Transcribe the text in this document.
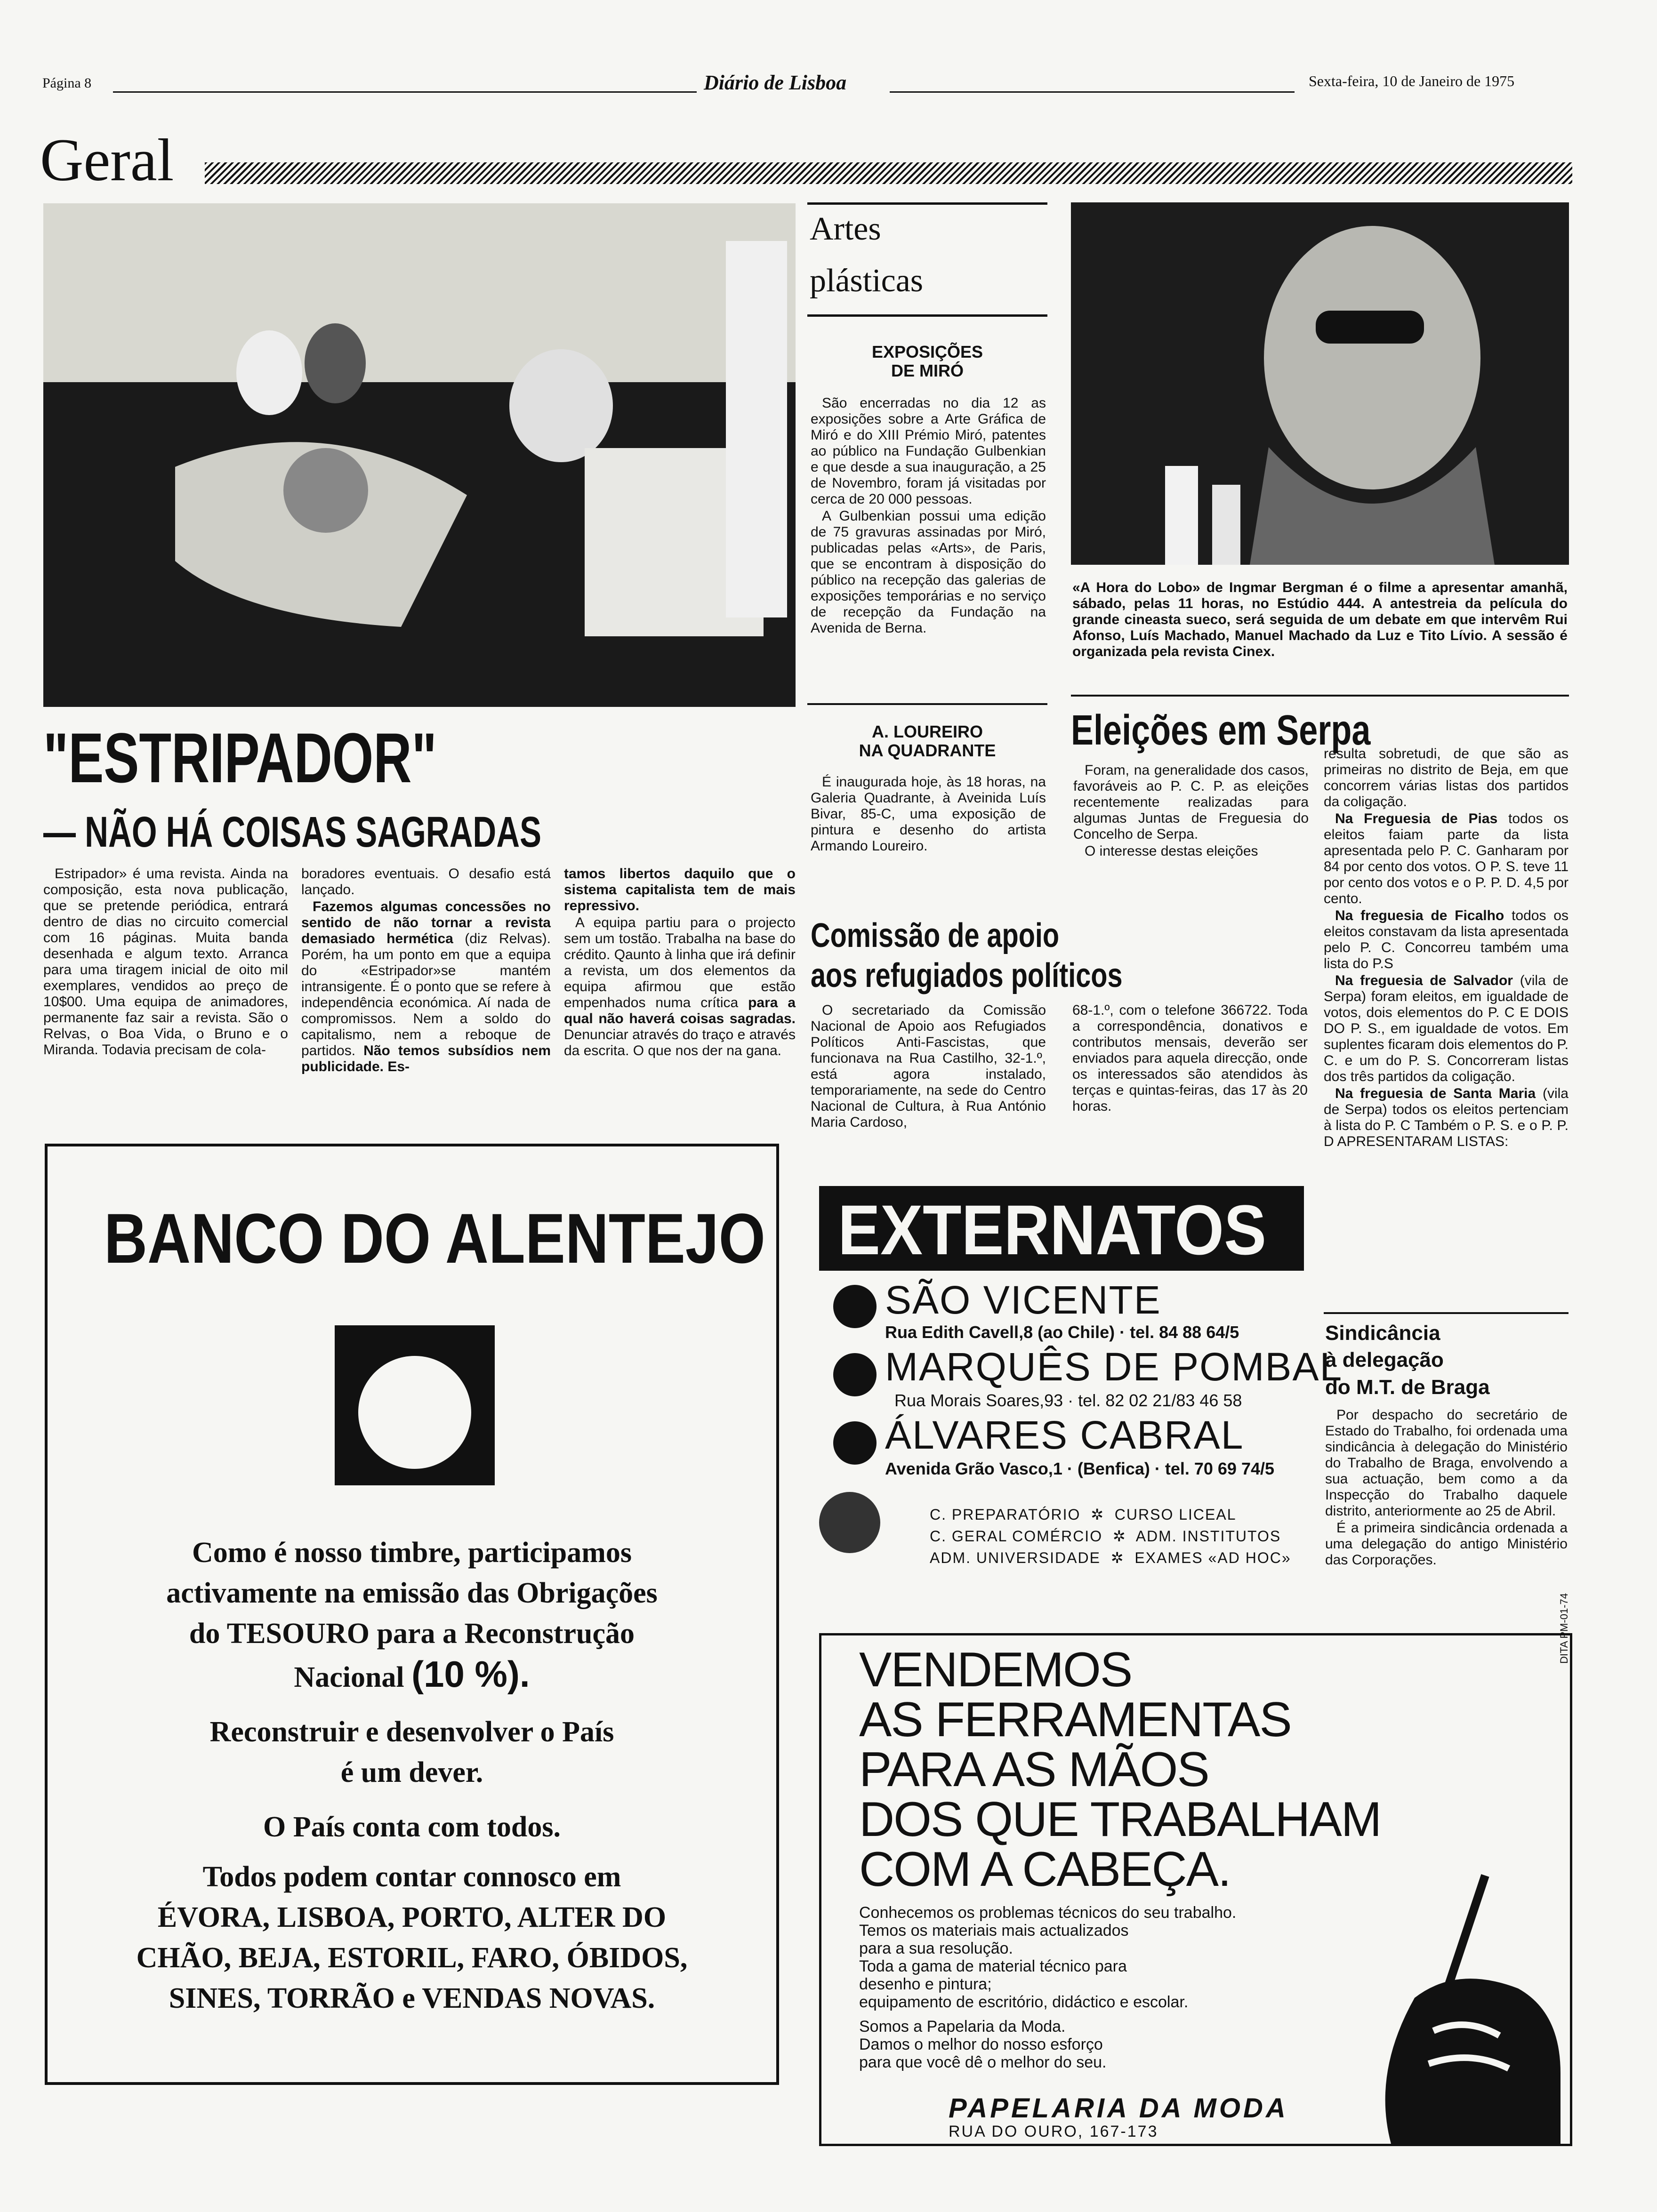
Página 8	Diário de Lisboa	Sexta-feira, 10 de Janeiro de 1975
Geral
"ESTRIPADOR"
— NÃO HÁ COISAS SAGRADAS

Estripador» é uma revista. Ainda na composição, esta nova publicação, que se pretende periódica, entrará dentro de dias no circuito comercial com 16 páginas. Muita banda desenhada e algum texto. Arranca para uma tiragem inicial de oito mil exemplares, vendidos ao preço de 10$00. Uma equipa de animadores, permanente faz sair a revista. São o Relvas, o Boa Vida, o Bruno e o Miranda. Todavia precisam de cola-

boradores eventuais. O desafio está lançado.

Fazemos algumas concessões no sentido de não tornar a revista demasiado hermética (diz Relvas). Porém, ha um ponto em que a equipa do «Estripador»se mantém intransigente. É o ponto que se refere à independência económica. Aí nada de compromissos. Nem a soldo do capitalismo, nem a reboque de partidos. Não temos subsídios nem publicidade. Es-

tamos libertos daquilo que o sistema capitalista tem de mais repressivo.

A equipa partiu para o projecto sem um tostão. Trabalha na base do crédito. Qaunto à linha que irá definir a revista, um dos elementos da equipa afirmou que estão empenhados numa crítica para a qual não haverá coisas sagradas. Denunciar através do traço e através da escrita. O que nos der na gana.

Artes
plásticas
EXPOSIÇÕES
DE MIRÓ

São encerradas no dia 12 as exposições sobre a Arte Gráfica de Miró e do XIII Prémio Miró, patentes ao público na Fundação Gulbenkian e que desde a sua inauguração, a 25 de Novembro, foram já visitadas por cerca de 20 000 pessoas.

A Gulbenkian possui uma edição de 75 gravuras assinadas por Miró, publicadas pelas «Arts», de Paris, que se encontram à disposição do público na recepção das galerias de exposições temporárias e no serviço de recepção da Fundação na Avenida de Berna.

A. LOUREIRO
NA QUADRANTE

É inaugurada hoje, às 18 horas, na Galeria Quadrante, à Aveinida Luís Bivar, 85-C, uma exposição de pintura e desenho do artista Armando Loureiro.

«A Hora do Lobo» de Ingmar Bergman é o filme a apresentar amanhã, sábado, pelas 11 horas, no Estúdio 444. A antestreia da película do grande cineasta sueco, será seguida de um debate em que intervêm Rui Afonso, Luís Machado, Manuel Machado da Luz e Tito Lívio. A sessão é organizada pela revista Cinex.
Eleições em Serpa

Foram, na generalidade dos casos, favoráveis ao P. C. P. as eleições recentemente realizadas para algumas Juntas de Freguesia do Concelho de Serpa.

O interesse destas eleições

resulta sobretudi, de que são as primeiras no distrito de Beja, em que concorrem várias listas dos partidos da coligação.

Na Freguesia de Pias todos os eleitos faiam parte da lista apresentada pelo P. C. Ganharam por 84 por cento dos votos. O P. S. teve 11 por cento dos votos e o P. P. D. 4,5 por cento.

Na freguesia de Ficalho todos os eleitos constavam da lista apresentada pelo P. C. Concorreu também uma lista do P.S

Na freguesia de Salvador (vila de Serpa) foram eleitos, em igualdade de votos, dois elementos do P. C E DOIS DO P. S., em igualdade de votos. Em suplentes ficaram dois elementos do P. C. e um do P. S. Concorreram listas dos três partidos da coligação.

Na freguesia de Santa Maria (vila de Serpa) todos os eleitos pertenciam à lista do P. C Também o P. S. e o P. P. D APRESENTARAM LISTAS:

Comissão de apoio
aos refugiados políticos

O secretariado da Comissão Nacional de Apoio aos Refugiados Políticos Anti-Fascistas, que funcionava na Rua Castilho, 32-1.º, está agora instalado, temporariamente, na sede do Centro Nacional de Cultura, à Rua António Maria Cardoso,

68-1.º, com o telefone 366722. Toda a correspondência, donativos e contributos mensais, deverão ser enviados para aquela direcção, onde os interessados são atendidos às terças e quintas-feiras, das 17 às 20 horas.

Sindicância
à delegação
do M.T. de Braga

Por despacho do secretário de Estado do Trabalho, foi ordenada uma sindicância à delegação do Ministério do Trabalho de Braga, envolvendo a sua actuação, bem como a da Inspecção do Trabalho daquele distrito, anteriormente ao 25 de Abril.

É a primeira sindicância ordenada a uma delegação do antigo Ministério das Corporações.

BANCO DO ALENTEJO
Como é nosso timbre, participamos
activamente na emissão das Obrigações
do TESOURO para a Reconstrução
Nacional (10 %).
Reconstruir e desenvolver o País
é um dever.
O País conta com todos.
Todos podem contar connosco em
ÉVORA, LISBOA, PORTO, ALTER DO
CHÃO, BEJA, ESTORIL, FARO, ÓBIDOS,
SINES, TORRÃO e VENDAS NOVAS.
EXTERNATOS
SÃO VICENTE
Rua Edith Cavell,8 (ao Chile) · tel. 84 88 64/5
MARQUÊS DE POMBAL
Rua Morais Soares,93 · tel. 82 02 21/83 46 58
ÁLVARES CABRAL
Avenida Grão Vasco,1 · (Benfica) · tel. 70 69 74/5
C. PREPARATÓRIO  ✲  CURSO LICEAL
C. GERAL COMÉRCIO  ✲  ADM. INSTITUTOS
ADM. UNIVERSIDADE  ✲  EXAMES «AD HOC»
VENDEMOS
AS FERRAMENTAS
PARA AS MÃOS
DOS QUE TRABALHAM
COM A CABEÇA.
Conhecemos os problemas técnicos do seu trabalho.
Temos os materiais mais actualizados
para a sua resolução.
Toda a gama de material técnico para
desenho e pintura;
equipamento de escritório, didáctico e escolar.
Somos a Papelaria da Moda.
Damos o melhor do nosso esforço
para que você dê o melhor do seu.
PAPELARIA DA MODA
RUA DO OURO, 167-173
DITA PM-01-74
